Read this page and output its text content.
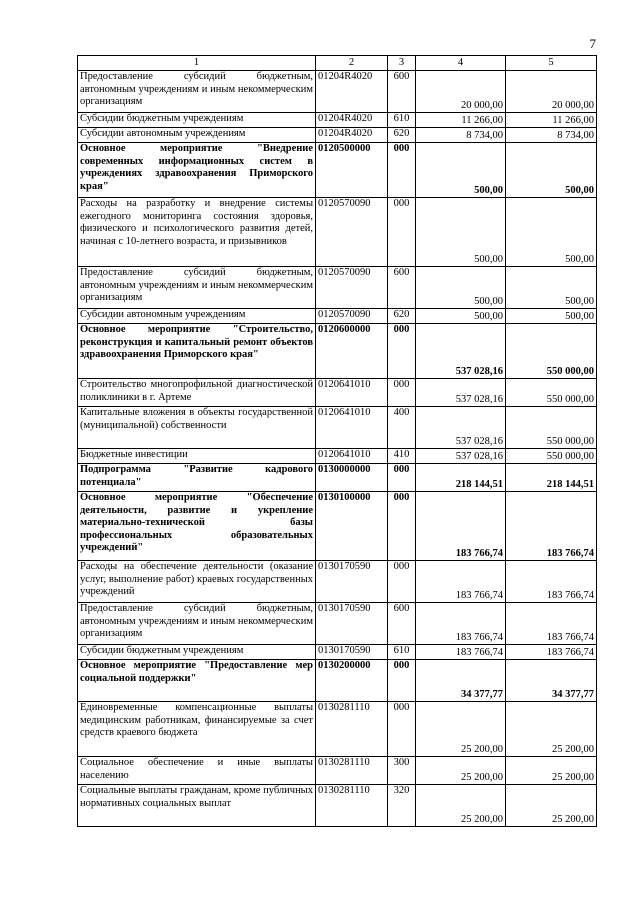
7
1	2	3	4	5
Предоставление субсидий бюджетным, автономным учреждениям и иным некоммерческим организациям	01204R4020	600	20 000,00	20 000,00
Субсидии бюджетным учреждениям	01204R4020	610	11 266,00	11 266,00
Субсидии автономным учреждениям	01204R4020	620	8 734,00	8 734,00
Основное мероприятие "Внедрение современных информационных систем в учреждениях здравоохранения Приморского края"	0120500000	000	500,00	500,00
Расходы на разработку и внедрение системы ежегодного мониторинга состояния здоровья, физического и психологического развития детей, начиная с 10-летнего возраста, и призывников	0120570090	000	500,00	500,00
Предоставление субсидий бюджетным, автономным учреждениям и иным некоммерческим организациям	0120570090	600	500,00	500,00
Субсидии автономным учреждениям	0120570090	620	500,00	500,00
Основное мероприятие "Строительство, реконструкция и капитальный ремонт объектов здравоохранения Приморского края"	0120600000	000	537 028,16	550 000,00
Строительство многопрофильной диагностической поликлиники в г. Артеме	0120641010	000	537 028,16	550 000,00
Капитальные вложения в объекты государственной (муниципальной) собственности	0120641010	400	537 028,16	550 000,00
Бюджетные инвестиции	0120641010	410	537 028,16	550 000,00
Подпрограмма "Развитие кадрового потенциала"	0130000000	000	218 144,51	218 144,51
Основное мероприятие "Обеспечение деятельности, развитие и укрепление материально-технической базы профессиональных образовательных учреждений"	0130100000	000	183 766,74	183 766,74
Расходы на обеспечение деятельности (оказание услуг, выполнение работ) краевых государственных учреждений	0130170590	000	183 766,74	183 766,74
Предоставление субсидий бюджетным, автономным учреждениям и иным некоммерческим организациям	0130170590	600	183 766,74	183 766,74
Субсидии бюджетным учреждениям	0130170590	610	183 766,74	183 766,74
Основное мероприятие "Предоставление мер социальной поддержки"	0130200000	000	34 377,77	34 377,77
Единовременные компенсационные выплаты медицинским работникам, финансируемые за счет средств краевого бюджета	0130281110	000	25 200,00	25 200,00
Социальное обеспечение и иные выплаты населению	0130281110	300	25 200,00	25 200,00
Социальные выплаты гражданам, кроме публичных нормативных социальных выплат	0130281110	320	25 200,00	25 200,00
